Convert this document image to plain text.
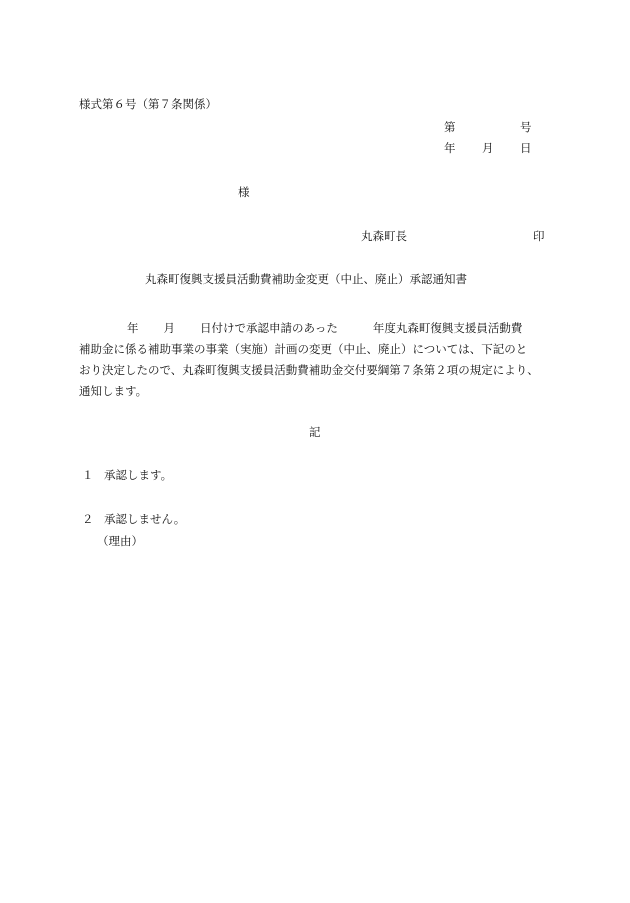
様式第６号（第７条関係）
第	号
年 月 日
様
丸森町長	印
丸森町復興支援員活動費補助金変更（中止、廃止）承認通知書
年 月 日付けで承認申請のあった	年度丸森町復興支援員活動費
補助金に係る補助事業の事業（実施）計画の変更（中止、廃止）については、下記のと
おり決定したので、丸森町復興支援員活動費補助金交付要綱第７条第２項の規定により、
通知します。
記
１ 承認します。
２ 承認しません。
（理由）
